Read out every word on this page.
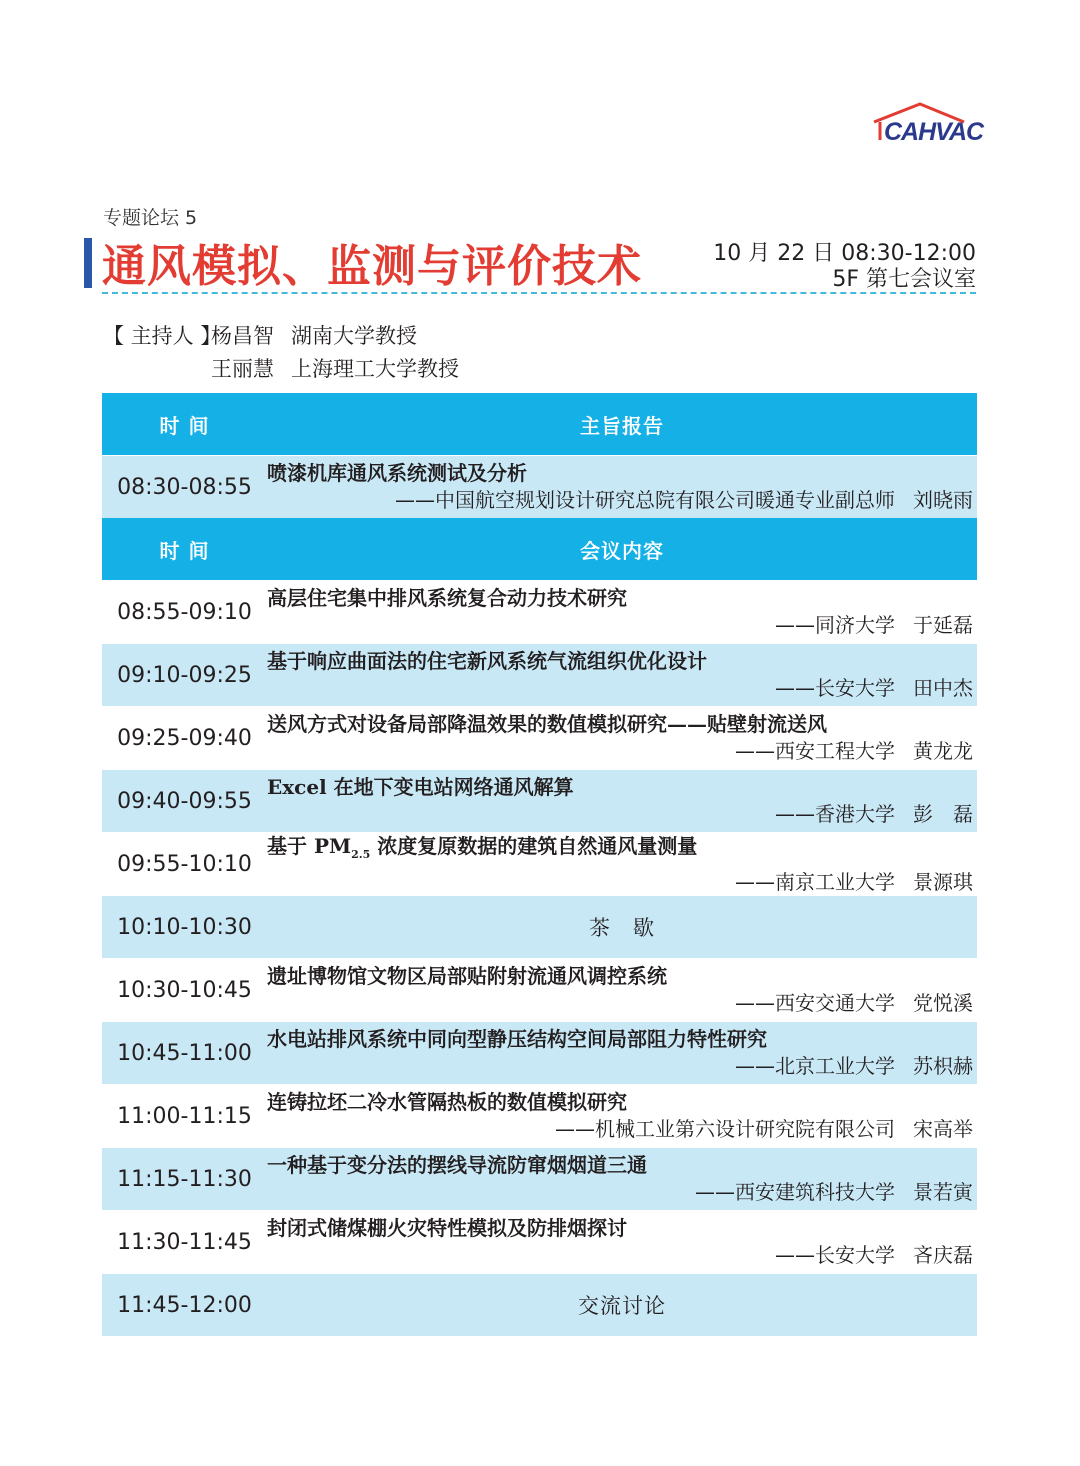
CAHVAC
专题论坛 5
通风模拟、监测与评价技术	10 月 22 日 08:30-12:00
5F 第七会议室
【 主持人 】
杨昌智 湖南大学教授
王丽慧 上海理工大学教授
时 间	主旨报告
08:30-08:55	喷漆机库通风系统测试及分析
——中国航空规划设计研究总院有限公司暖通专业副总师 刘晓雨

时 间	会议内容
08:55-09:10	高层住宅集中排风系统复合动力技术研究
——同济大学 于延磊

09:10-09:25	基于响应曲面法的住宅新风系统气流组织优化设计
——长安大学 田中杰

09:25-09:40	送风方式对设备局部降温效果的数值模拟研究——贴壁射流送风
——西安工程大学 黄龙龙

09:40-09:55	Excel 在地下变电站网络通风解算
——香港大学 彭　磊

09:55-10:10	基于 $PM_{2.5}$ 浓度复原数据的建筑自然通风量测量
——南京工业大学 景源琪

10:10-10:30	茶　歇
10:30-10:45	遗址博物馆文物区局部贴附射流通风调控系统
——西安交通大学 党悦溪

10:45-11:00	水电站排风系统中同向型静压结构空间局部阻力特性研究
——北京工业大学 苏枳赫

11:00-11:15	连铸拉坯二冷水管隔热板的数值模拟研究
——机械工业第六设计研究院有限公司 宋高举

11:15-11:30	一种基于变分法的摆线导流防窜烟烟道三通
——西安建筑科技大学 景若寅

11:30-11:45	封闭式储煤棚火灾特性模拟及防排烟探讨
——长安大学 吝庆磊

11:45-12:00	交流讨论
